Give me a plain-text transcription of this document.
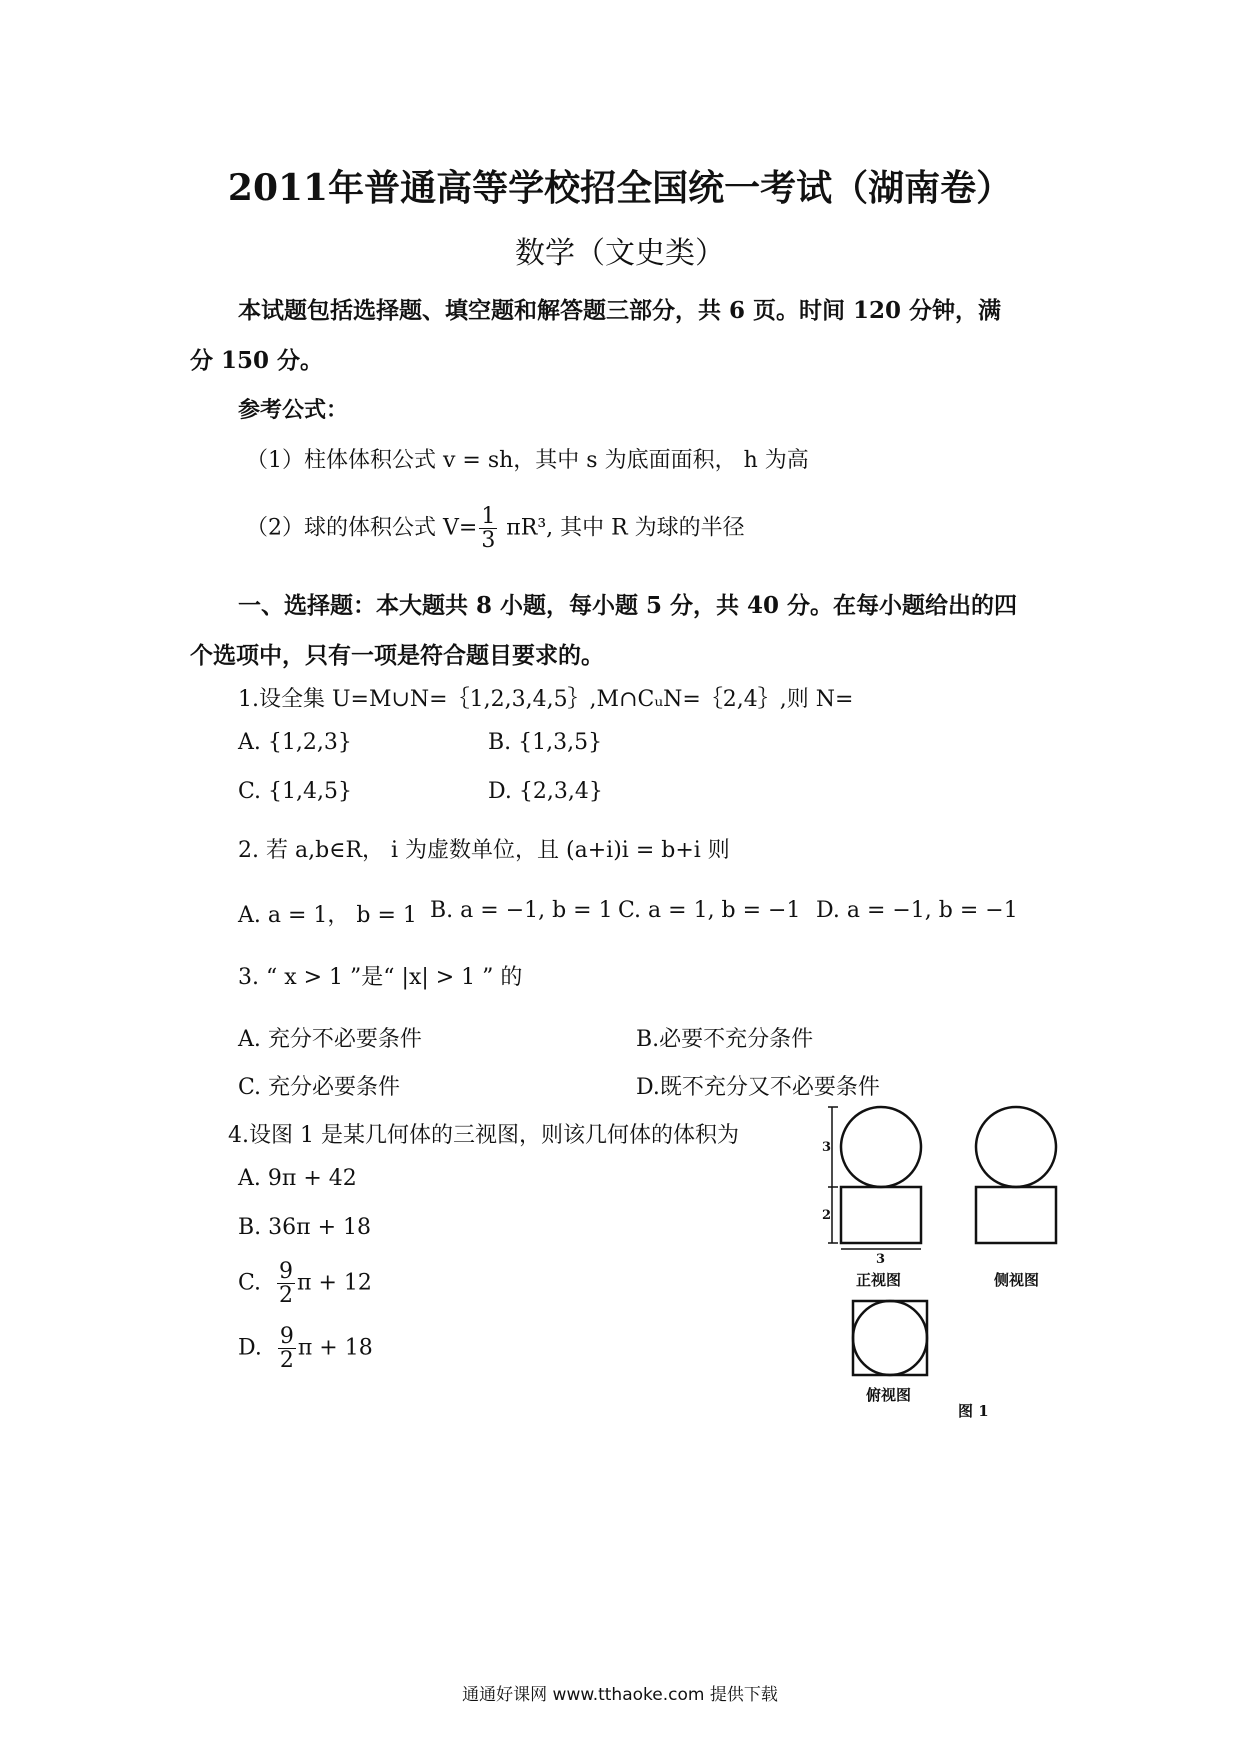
2011年普通高等学校招全国统一考试（湖南卷）
数学（文史类）
本试题包括选择题、填空题和解答题三部分，共 6 页。时间 120 分钟，满
分 150 分。
参考公式：
（1）柱体体积公式 v = sh，其中 s 为底面面积， h 为高
（2）球的体积公式 $V= \frac{1}{3} \pi R^3$, 其中 R 为球的半径
一、选择题：本大题共 8 小题，每小题 5 分，共 40 分。在每小题给出的四
个选项中，只有一项是符合题目要求的。
1.设全集 U=M∪N=｛1,2,3,4,5｝,M∩CᵤN=｛2,4｝,则 N=
A. {1,2,3}	B. {1,3,5}
C. {1,4,5}	D. {2,3,4}
2. 若 a,b∈R， i 为虚数单位，且 (a+i)i = b+i 则
A. a = 1， b = 1 B. a = −1, b = 1 C. a = 1, b = −1 D. a = −1, b = −1
3. “ x > 1 ”是“ |x| > 1 ” 的
A. 充分不必要条件	B.必要不充分条件
C. 充分必要条件	D.既不充分又不必要条件
4.设图 1 是某几何体的三视图，则该几何体的体积为
A. 9π + 42
B. 36π + 18
C. $\frac{9}{2}$ π + 12
D. $\frac{9}{2}$ π + 18
3
2
3
正视图	侧视图
俯视图
图 1
通通好课网 www.tthaoke.com 提供下载
